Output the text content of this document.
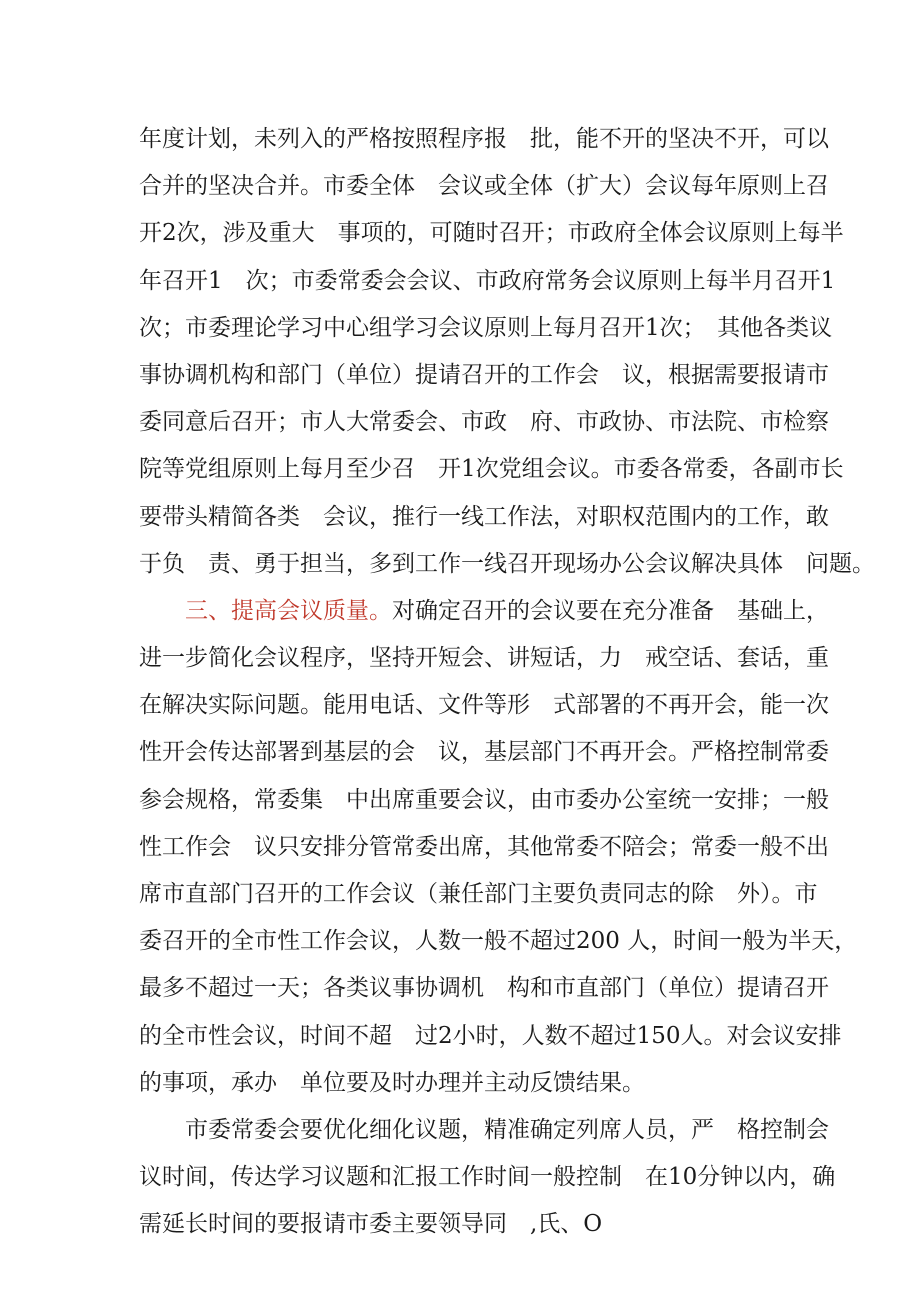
年度计划，未列入的严格按照程序报　批，能不开的坚决不开，可以
合并的坚决合并。市委全体　会议或全体（扩大）会议每年原则上召
开2次，涉及重大　事项的，可随时召开；市政府全体会议原则上每半
年召开1　次；市委常委会会议、市政府常务会议原则上每半月召开1
次；市委理论学习中心组学习会议原则上每月召开1次；　其他各类议
事协调机构和部门（单位）提请召开的工作会　议，根据需要报请市
委同意后召开；市人大常委会、市政　府、市政协、市法院、市检察
院等党组原则上每月至少召　开1次党组会议。市委各常委，各副市长
要带头精简各类　会议，推行一线工作法，对职权范围内的工作，敢
于负　责、勇于担当，多到工作一线召开现场办公会议解决具体　问题。
三、提高会议质量。对确定召开的会议要在充分准备　基础上，
进一步简化会议程序，坚持开短会、讲短话，力　戒空话、套话，重
在解决实际问题。能用电话、文件等形　式部署的不再开会，能一次
性开会传达部署到基层的会　议，基层部门不再开会。严格控制常委
参会规格，常委集　中出席重要会议，由市委办公室统一安排；一般
性工作会　议只安排分管常委出席，其他常委不陪会；常委一般不出
席市直部门召开的工作会议（兼任部门主要负责同志的除　外）。市
委召开的全市性工作会议，人数一般不超过200 人，时间一般为半天，
最多不超过一天；各类议事协调机　构和市直部门（单位）提请召开
的全市性会议，时间不超　过2小时，人数不超过150人。对会议安排
的事项，承办　单位要及时办理并主动反馈结果。
市委常委会要优化细化议题，精准确定列席人员，严　格控制会
议时间，传达学习议题和汇报工作时间一般控制　在10分钟以内，确
需延长时间的要报请市委主要领导同　,氏、O
